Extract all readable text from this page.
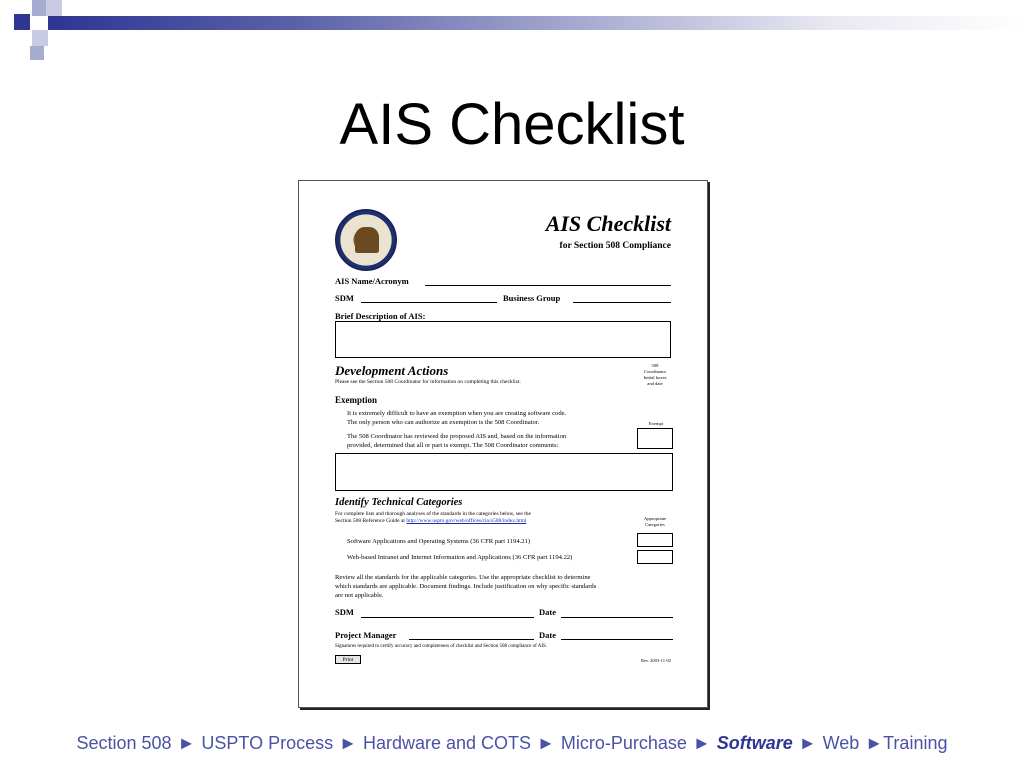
AIS Checklist
AIS Checklist
for Section 508 Compliance
AIS Name/Acronym
SDM	Business Group
Brief Description of AIS:
Development Actions
Please see the Section 508 Coordinator for information on completing this checklist.
508
Coordinator
Initial boxes
and date
Exemption
It is extremely difficult to have an exemption when you are creating software code.
The only person who can authorize an exemption is the 508 Coordinator.
The 508 Coordinator has reviewed the proposed AIS and, based on the information
provided, determined that all or part is exempt. The 508 Coordinator comments:
Exempt
Identify Technical Categories
For complete lists and thorough analyses of the standards in the categories below, see the
Section 508 Reference Guide at http://www.uspto.gov/web/offices/cio/s508/index.html	Appropriate
Categories
Software Applications and Operating Systems (36 CFR part 1194.21)
Web-based Intranet and Internet Information and Applications (36 CFR part 1194.22)
Review all the standards for the applicable categories. Use the appropriate checklist to determine
which standards are applicable. Document findings. Include justification on why specific standards
are not applicable.
SDM	Date
Project Manager	Date
Signatures required to certify accuracy and completeness of checklist and Section 508 compliance of AIS.
Print	Rev. 2003-11-02
Section 508 ► USPTO Process ► Hardware and COTS ► Micro-Purchase ► Software ► Web ►Training
